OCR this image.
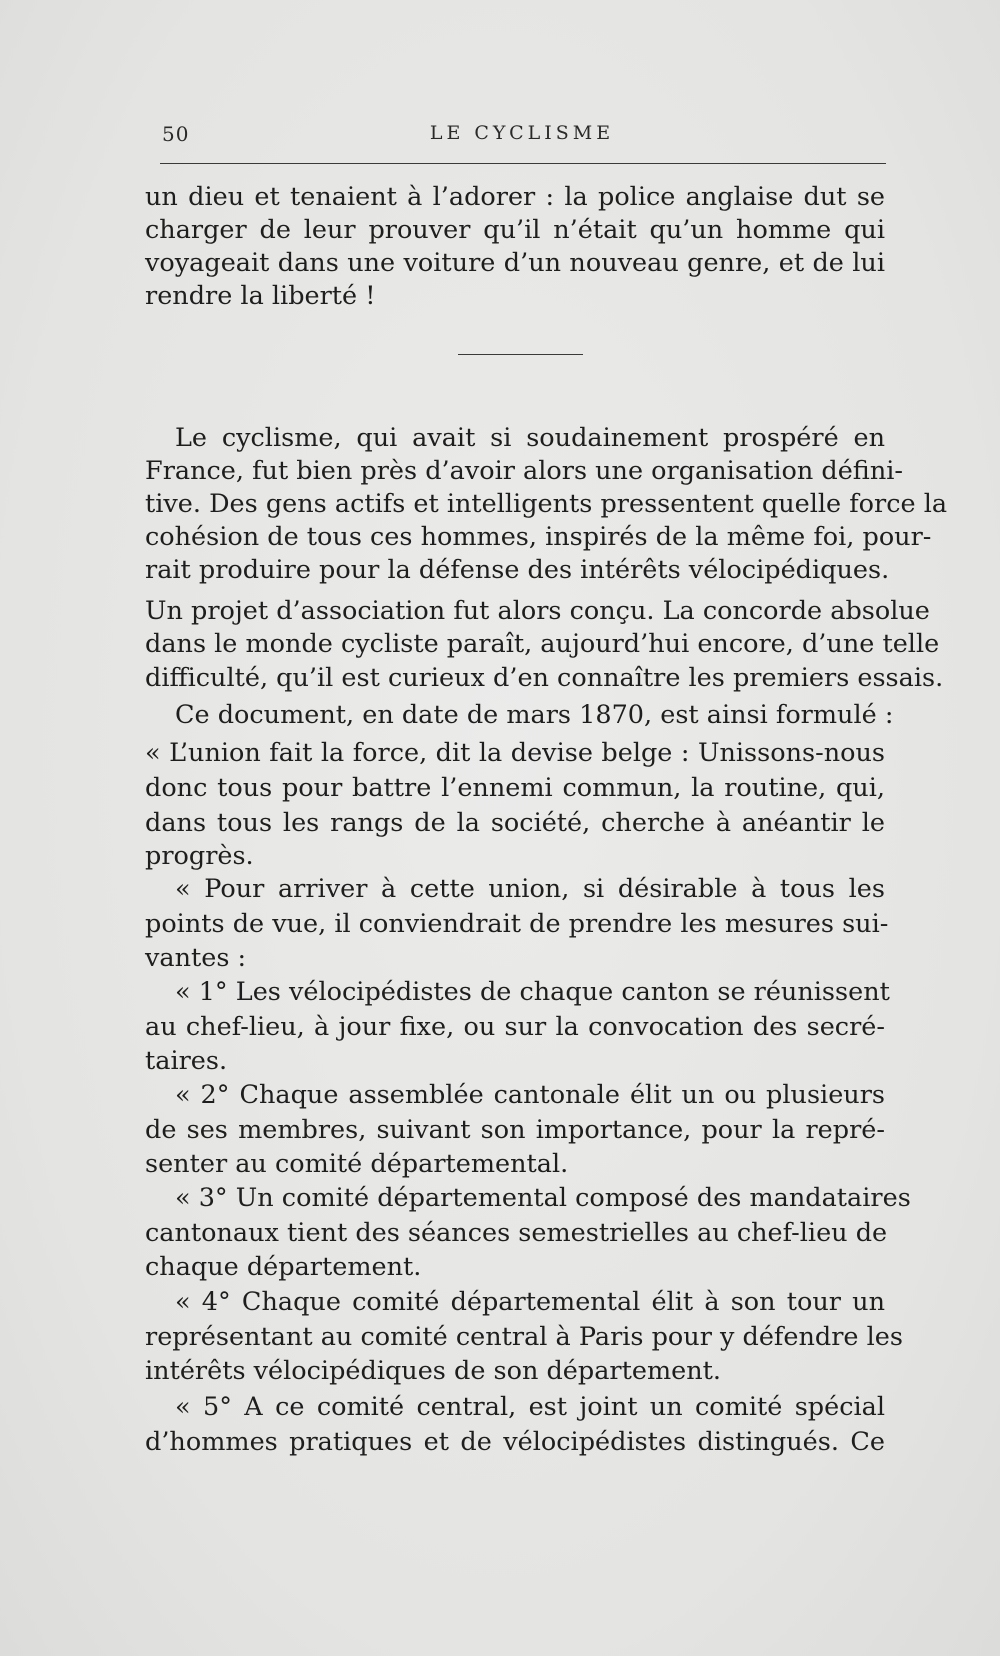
50	LE CYCLISME
un dieu et tenaient à l’adorer : la police anglaise dut se
charger de leur prouver qu’il n’était qu’un homme qui
voyageait dans une voiture d’un nouveau genre, et de lui
rendre la liberté !
Le cyclisme, qui avait si soudainement prospéré en
France, fut bien près d’avoir alors une organisation défini-
tive. Des gens actifs et intelligents pressentent quelle force la
cohésion de tous ces hommes, inspirés de la même foi, pour-
rait produire pour la défense des intérêts vélocipédiques.
Un projet d’association fut alors conçu. La concorde absolue
dans le monde cycliste paraît, aujourd’hui encore, d’une telle
difficulté, qu’il est curieux d’en connaître les premiers essais.
Ce document, en date de mars 1870, est ainsi formulé :
« L’union fait la force, dit la devise belge : Unissons-nous
donc tous pour battre l’ennemi commun, la routine, qui,
dans tous les rangs de la société, cherche à anéantir le
progrès.
« Pour arriver à cette union, si désirable à tous les
points de vue, il conviendrait de prendre les mesures sui-
vantes :
« 1° Les vélocipédistes de chaque canton se réunissent
au chef-lieu, à jour fixe, ou sur la convocation des secré-
taires.
« 2° Chaque assemblée cantonale élit un ou plusieurs
de ses membres, suivant son importance, pour la repré-
senter au comité départemental.
« 3° Un comité départemental composé des mandataires
cantonaux tient des séances semestrielles au chef-lieu de
chaque département.
« 4° Chaque comité départemental élit à son tour un
représentant au comité central à Paris pour y défendre les
intérêts vélocipédiques de son département.
« 5° A ce comité central, est joint un comité spécial
d’hommes pratiques et de vélocipédistes distingués. Ce
